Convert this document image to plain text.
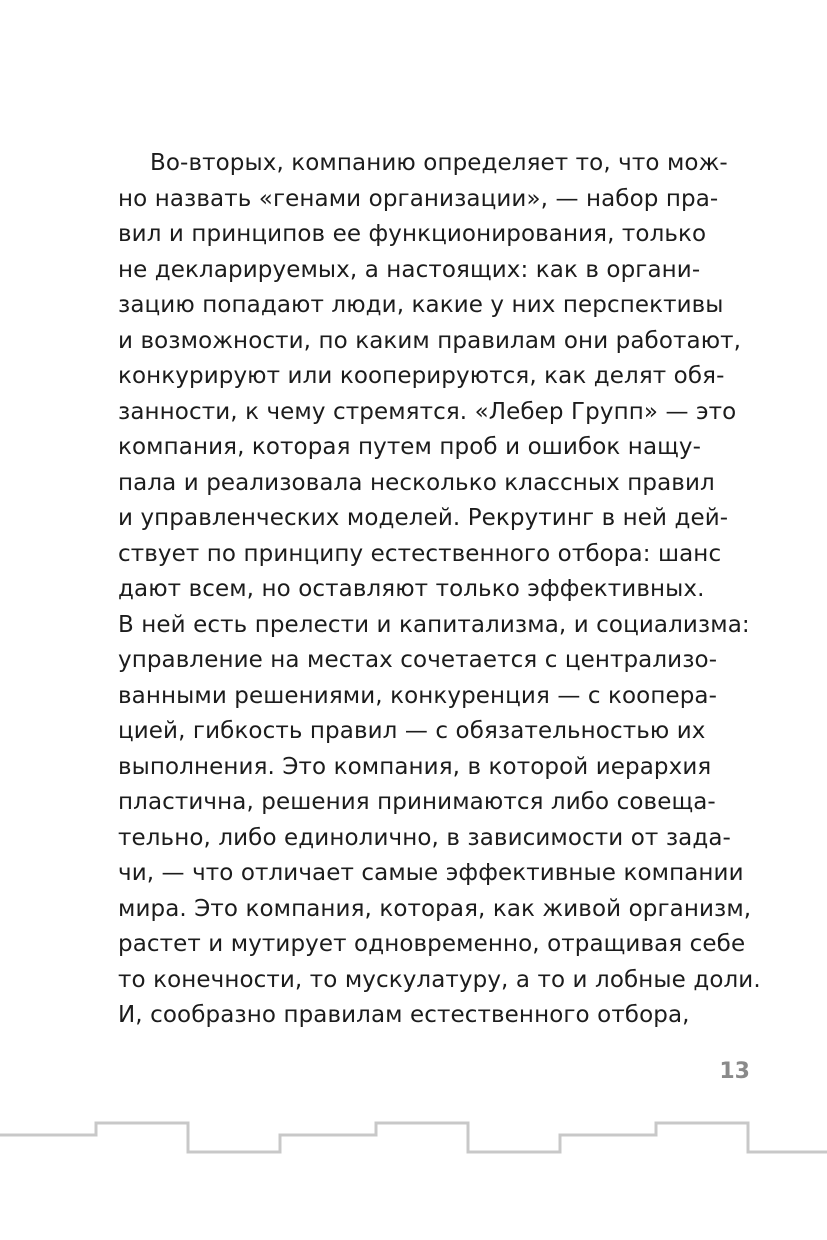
Во-вторых, компанию определяет то, что мож-
но назвать «генами организации», — набор пра-
вил и принципов ее функционирования, только
не декларируемых, а настоящих: как в органи-
зацию попадают люди, какие у них перспективы
и возможности, по каким правилам они работают,
конкурируют или кооперируются, как делят обя-
занности, к чему стремятся. «Лебер Групп» — это
компания, которая путем проб и ошибок нащу-
пала и реализовала несколько классных правил
и управленческих моделей. Рекрутинг в ней дей-
ствует по принципу естественного отбора: шанс
дают всем, но оставляют только эффективных.
В ней есть прелести и капитализма, и социализма:
управление на местах сочетается с централизо-
ванными решениями, конкуренция — с коопера-
цией, гибкость правил — с обязательностью их
выполнения. Это компания, в которой иерархия
пластична, решения принимаются либо совеща-
тельно, либо единолично, в зависимости от зада-
чи, — что отличает самые эффективные компании
мира. Это компания, которая, как живой организм,
растет и мутирует одновременно, отращивая себе
то конечности, то мускулатуру, а то и лобные доли.
И, сообразно правилам естественного отбора,
13
